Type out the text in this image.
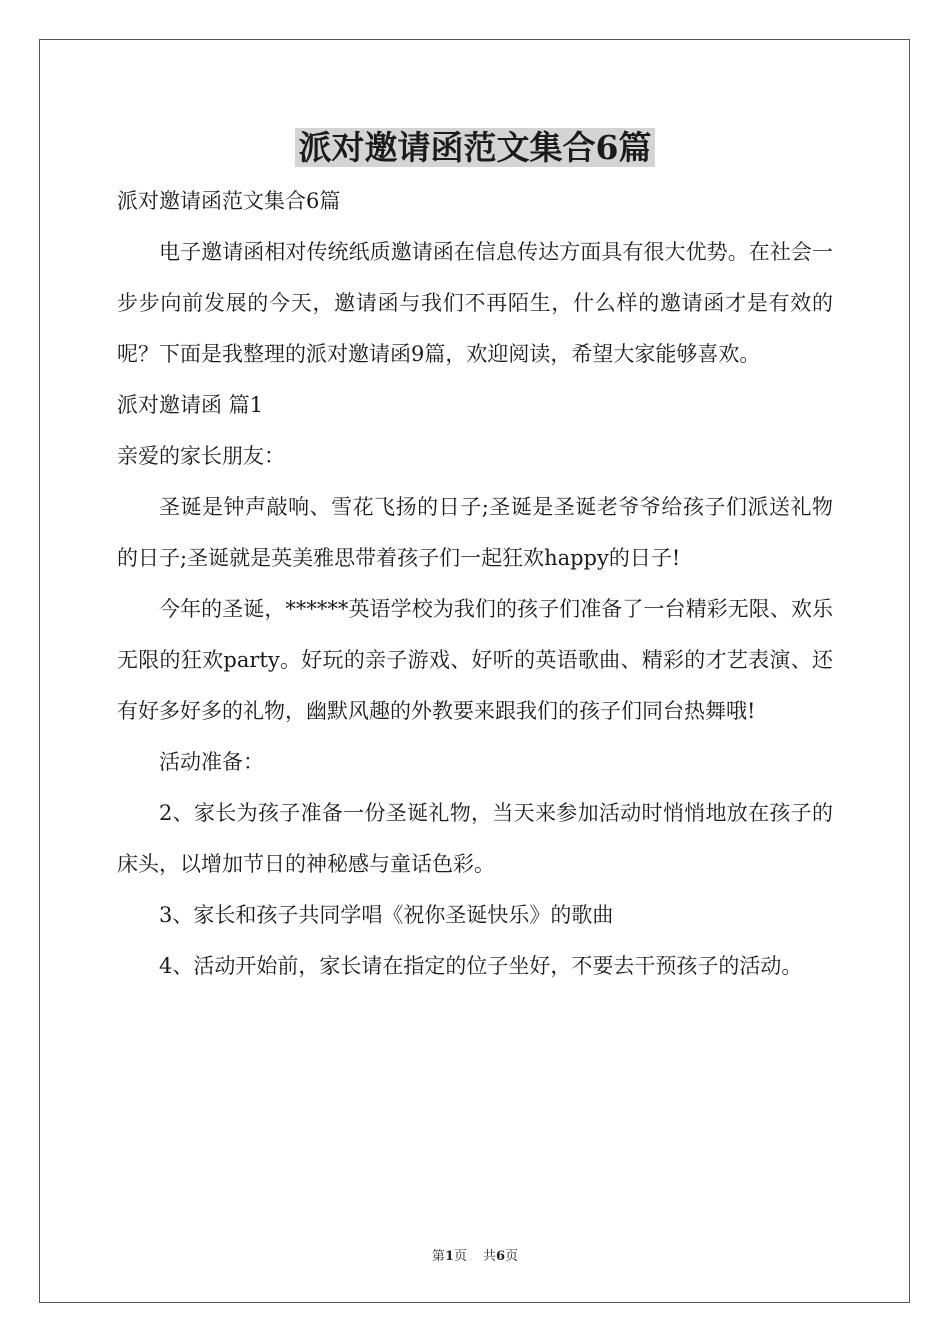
派对邀请函范文集合6篇

派对邀请函范文集合6篇

电子邀请函相对传统纸质邀请函在信息传达方面具有很大优势。在社会一步步向前发展的今天，邀请函与我们不再陌生，什么样的邀请函才是有效的呢？下面是我整理的派对邀请函9篇，欢迎阅读，希望大家能够喜欢。

派对邀请函 篇1

亲爱的家长朋友：

圣诞是钟声敲响、雪花飞扬的日子;圣诞是圣诞老爷爷给孩子们派送礼物的日子;圣诞就是英美雅思带着孩子们一起狂欢happy的日子!

今年的圣诞，******英语学校为我们的孩子们准备了一台精彩无限、欢乐无限的狂欢party。好玩的亲子游戏、好听的英语歌曲、精彩的才艺表演、还有好多好多的礼物，幽默风趣的外教要来跟我们的孩子们同台热舞哦!

活动准备：

2、家长为孩子准备一份圣诞礼物，当天来参加活动时悄悄地放在孩子的床头，以增加节日的神秘感与童话色彩。

3、家长和孩子共同学唱《祝你圣诞快乐》的歌曲

4、活动开始前，家长请在指定的位子坐好，不要去干预孩子的活动。

第1页 共6页
